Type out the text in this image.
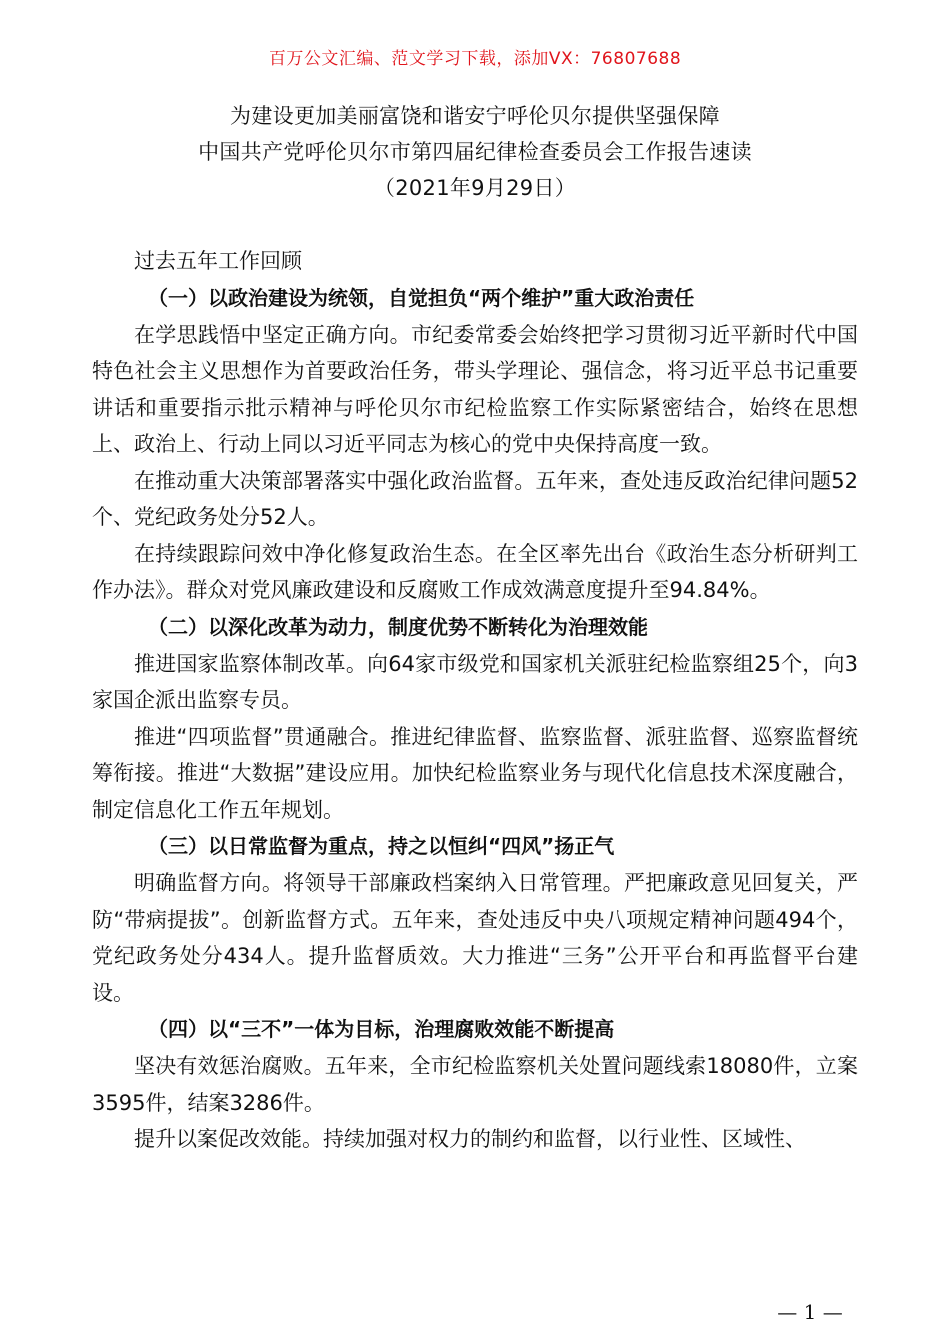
百万公文汇编、范文学习下载，添加VX：76807688
为建设更加美丽富饶和谐安宁呼伦贝尔提供坚强保障
中国共产党呼伦贝尔市第四届纪律检查委员会工作报告速读
（2021年9月29日）

过去五年工作回顾

（一）以政治建设为统领，自觉担负“两个维护”重大政治责任

在学思践悟中坚定正确方向。市纪委常委会始终把学习贯彻习近平新时代中国特色社会主义思想作为首要政治任务，带头学理论、强信念，将习近平总书记重要讲话和重要指示批示精神与呼伦贝尔市纪检监察工作实际紧密结合，始终在思想上、政治上、行动上同以习近平同志为核心的党中央保持高度一致。

在推动重大决策部署落实中强化政治监督。五年来，查处违反政治纪律问题52个、党纪政务处分52人。

在持续跟踪问效中净化修复政治生态。在全区率先出台《政治生态分析研判工作办法》。群众对党风廉政建设和反腐败工作成效满意度提升至94.84%。

（二）以深化改革为动力，制度优势不断转化为治理效能

推进国家监察体制改革。向64家市级党和国家机关派驻纪检监察组25个，向3家国企派出监察专员。

推进“四项监督”贯通融合。推进纪律监督、监察监督、派驻监督、巡察监督统筹衔接。推进“大数据”建设应用。加快纪检监察业务与现代化信息技术深度融合，制定信息化工作五年规划。

（三）以日常监督为重点，持之以恒纠“四风”扬正气

明确监督方向。将领导干部廉政档案纳入日常管理。严把廉政意见回复关，严防“带病提拔”。创新监督方式。五年来，查处违反中央八项规定精神问题494个，党纪政务处分434人。提升监督质效。大力推进“三务”公开平台和再监督平台建设。

（四）以“三不”一体为目标，治理腐败效能不断提高

坚决有效惩治腐败。五年来，全市纪检监察机关处置问题线索18080件，立案3595件，结案3286件。

提升以案促改效能。持续加强对权力的制约和监督，以行业性、区域性、

— 1 —
